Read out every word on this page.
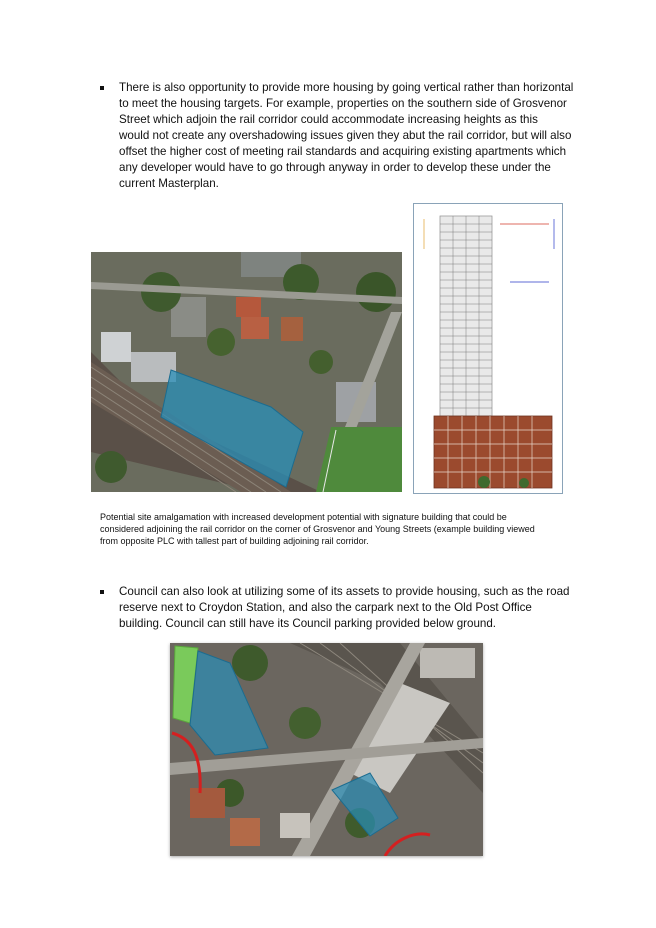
There is also opportunity to provide more housing by going vertical rather than horizontal
to meet the housing targets. For example, properties on the southern side of Grosvenor
Street which adjoin the rail corridor could accommodate increasing heights as this
would not create any overshadowing issues given they abut the rail corridor, but will also
offset the higher cost of meeting rail standards and acquiring existing apartments which
any developer would have to go through anyway in order to develop these under the
current Masterplan.
Potential site amalgamation with increased development potential with signature building that could be
considered adjoining the rail corridor on the corner of Grosvenor and Young Streets (example building viewed
from opposite PLC with tallest part of building adjoining rail corridor.
Council can also look at utilizing some of its assets to provide housing, such as the road
reserve next to Croydon Station, and also the carpark next to the Old Post Office
building. Council can still have its Council parking provided below ground.
